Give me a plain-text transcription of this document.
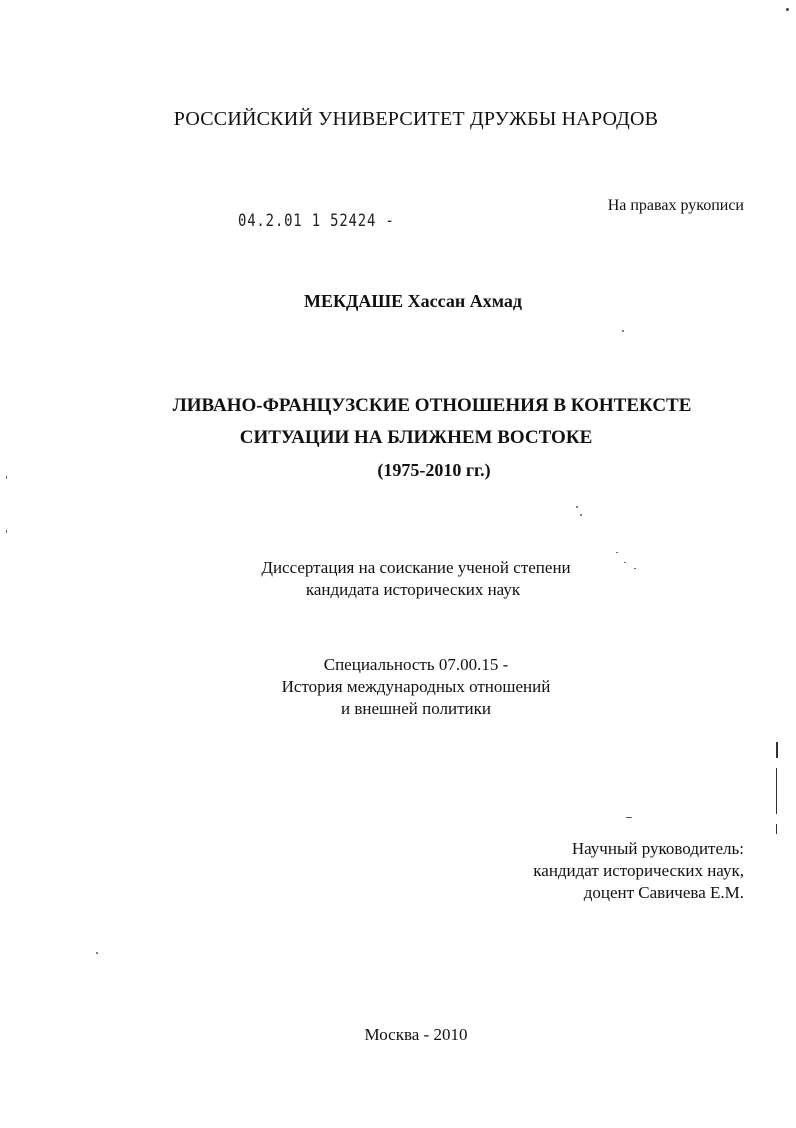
РОССИЙСКИЙ УНИВЕРСИТЕТ ДРУЖБЫ НАРОДОВ
На правах рукописи
04.2.01 1 52424 -
МЕКДАШЕ Хассан Ахмад
ЛИВАНО-ФРАНЦУЗСКИЕ ОТНОШЕНИЯ В КОНТЕКСТЕ
СИТУАЦИИ НА БЛИЖНЕМ ВОСТОКЕ
(1975-2010 гг.)
Диссертация на соискание ученой степени
кандидата исторических наук
Специальность 07.00.15 -
История международных отношений
и внешней политики
Научный руководитель:
кандидат исторических наук,
доцент Савичева Е.М.
Москва - 2010
